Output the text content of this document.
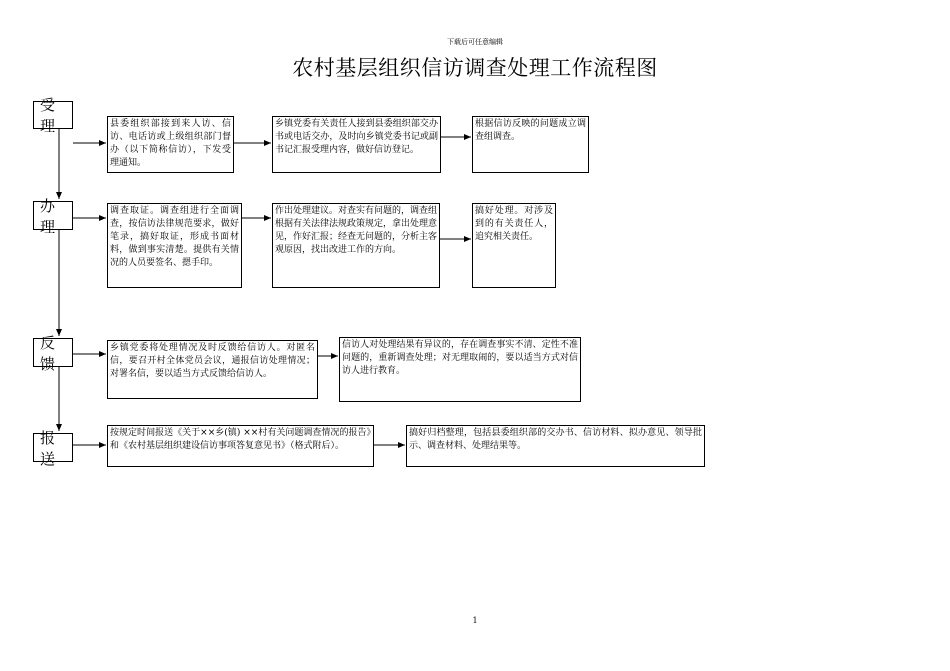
下载后可任意编辑
农村基层组织信访调查处理工作流程图
受 理
办 理
反 馈
报 送
县委组织部接到来人访、信访、电话访或上级组织部门督办（以下简称信访），下发受理通知。
乡镇党委有关责任人接到县委组织部交办书或电话交办，及时向乡镇党委书记或副书记汇报受理内容，做好信访登记。
根据信访反映的问题成立调查组调查。
调查取证。调查组进行全面调查，按信访法律规范要求，做好笔录，搞好取证，形成书面材料，做到事实清楚。提供有关情况的人员要签名、摁手印。
作出处理建议。对查实有问题的，调查组根据有关法律法规政策规定，拿出处理意见，作好汇报；经查无问题的，分析主客观原因，找出改进工作的方向。
搞好处理。对涉及到的有关责任人，追究相关责任。
乡镇党委将处理情况及时反馈给信访人。对匿名信，要召开村全体党员会议，通报信访处理情况；对署名信，要以适当方式反馈给信访人。
信访人对处理结果有异议的，存在调查事实不清、定性不准问题的，重新调查处理；对无理取闹的，要以适当方式对信访人进行教育。
按规定时间报送《关于××乡(镇) ××村有关问题调查情况的报告》和《农村基层组织建设信访事项答复意见书》（格式附后）。
搞好归档整理，包括县委组织部的交办书、信访材料、拟办意见、领导批示、调查材料、处理结果等。
1
